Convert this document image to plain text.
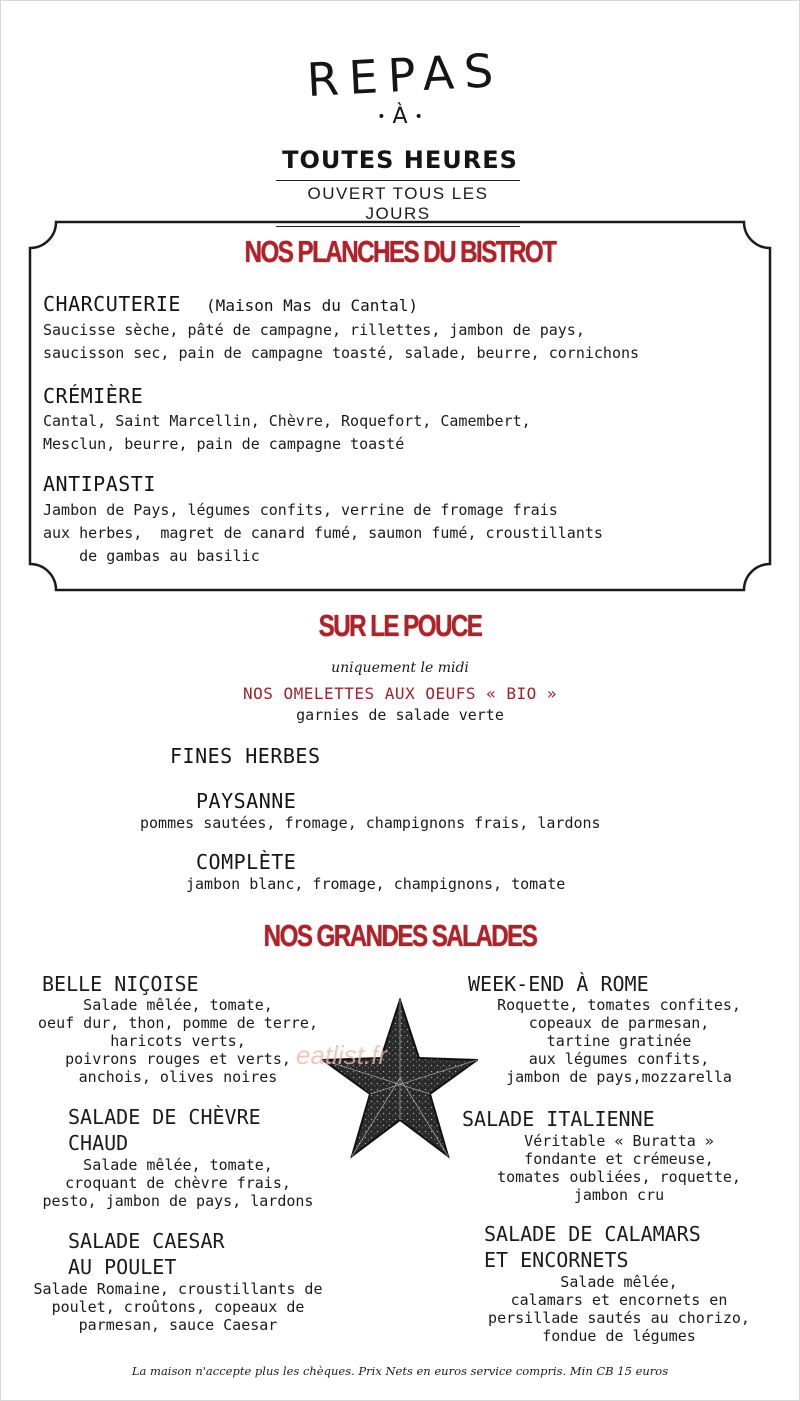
REPAS
• À •
TOUTES HEURES
OUVERT TOUS LES JOURS
NOS PLANCHES DU BISTROT
CHARCUTERIE (Maison Mas du Cantal)
Saucisse sèche, pâté de campagne, rillettes, jambon de pays,
saucisson sec, pain de campagne toasté, salade, beurre, cornichons
CRÉMIÈRE
Cantal, Saint Marcellin, Chèvre, Roquefort, Camembert,
Mesclun, beurre, pain de campagne toasté
ANTIPASTI
Jambon de Pays, légumes confits, verrine de fromage frais
aux herbes,  magret de canard fumé, saumon fumé, croustillants
de gambas au basilic
SUR LE POUCE
uniquement le midi
NOS OMELETTES AUX OEUFS « BIO »
garnies de salade verte
FINES HERBES
PAYSANNE
pommes sautées, fromage, champignons frais, lardons
COMPLÈTE
jambon blanc, fromage, champignons, tomate
NOS GRANDES SALADES
BELLE NIÇOISE
Salade mêlée, tomate,
oeuf dur, thon, pomme de terre,
haricots verts,
poivrons rouges et verts,
anchois, olives noires
SALADE DE CHÈVRE
CHAUD
Salade mêlée, tomate,
croquant de chèvre frais,
pesto, jambon de pays, lardons
SALADE CAESAR
AU POULET
Salade Romaine, croustillants de
poulet, croûtons, copeaux de
parmesan, sauce Caesar
WEEK-END À ROME
Roquette, tomates confites,
copeaux de parmesan,
tartine gratinée
aux légumes confits,
jambon de pays,mozzarella
SALADE ITALIENNE
Véritable « Buratta »
fondante et crémeuse,
tomates oubliées, roquette,
jambon cru
SALADE DE CALAMARS
ET ENCORNETS
Salade mêlée,
calamars et encornets en
persillade sautés au chorizo,
fondue de légumes
eatlist.fr
La maison n'accepte plus les chèques. Prix Nets en euros service compris. Min CB 15 euros
